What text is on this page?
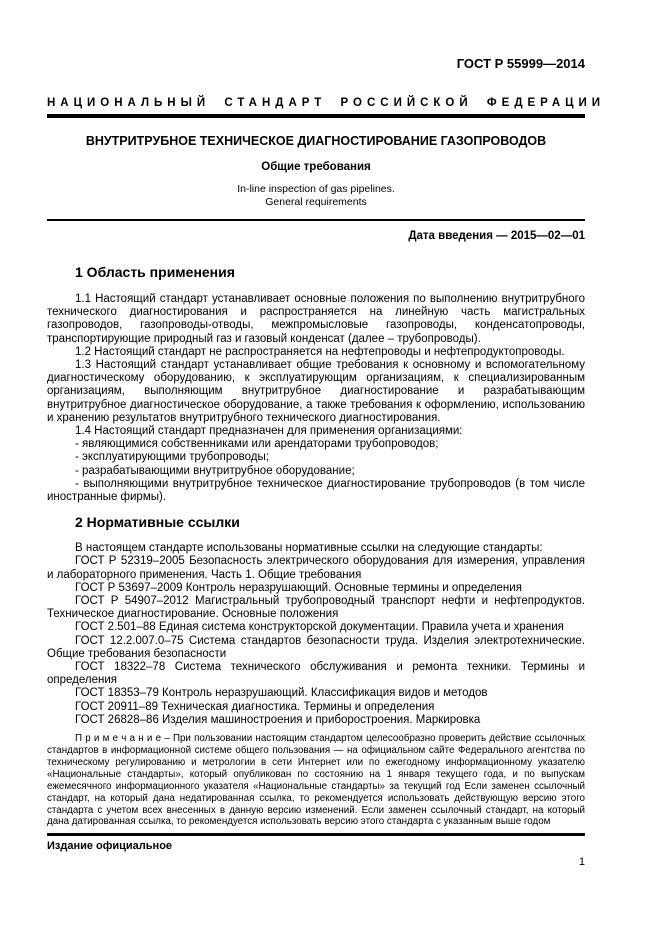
ГОСТ Р 55999—2014
НАЦИОНАЛЬНЫЙ СТАНДАРТ РОССИЙСКОЙ ФЕДЕРАЦИИ
ВНУТРИТРУБНОЕ ТЕХНИЧЕСКОЕ ДИАГНОСТИРОВАНИЕ ГАЗОПРОВОДОВ
Общие требования
In-line inspection of gas pipelines.
General requirements
Дата введения — 2015—02—01
1 Область применения

1.1 Настоящий стандарт устанавливает основные положения по выполнению внутритрубного технического диагностирования и распространяется на линейную часть магистральных газопроводов, газопроводы-отводы, межпромысловые газопроводы, конденсатопроводы, транспортирующие природный газ и газовый конденсат (далее – трубопроводы).

1.2 Настоящий стандарт не распространяется на нефтепроводы и нефтепродуктопроводы.

1.3 Настоящий стандарт устанавливает общие требования к основному и вспомогательному диагностическому оборудованию, к эксплуатирующим организациям, к специализированным организациям, выполняющим внутритрубное диагностирование и разрабатывающим внутритрубное диагностическое оборудование, а также требования к оформлению, использованию и хранению результатов внутритрубного технического диагностирования.

1.4 Настоящий стандарт предназначен для применения организациями:

- являющимися собственниками или арендаторами трубопроводов;

- эксплуатирующими трубопроводы;

- разрабатывающими внутритрубное оборудование;

- выполняющими внутритрубное техническое диагностирование трубопроводов (в том числе иностранные фирмы).

2 Нормативные ссылки

В настоящем стандарте использованы нормативные ссылки на следующие стандарты:

ГОСТ Р 52319–2005 Безопасность электрического оборудования для измерения, управления и лабораторного применения. Часть 1. Общие требования

ГОСТ Р 53697–2009 Контроль неразрушающий. Основные термины и определения

ГОСТ Р 54907–2012 Магистральный трубопроводный транспорт нефти и нефтепродуктов. Техническое диагностирование. Основные положения

ГОСТ 2.501–88 Единая система конструкторской документации. Правила учета и хранения

ГОСТ 12.2.007.0–75 Система стандартов безопасности труда. Изделия электротехнические. Общие требования безопасности

ГОСТ 18322–78 Система технического обслуживания и ремонта техники. Термины и определения

ГОСТ 18353–79 Контроль неразрушающий. Классификация видов и методов

ГОСТ 20911–89 Техническая диагностика. Термины и определения

ГОСТ 26828–86 Изделия машиностроения и приборостроения. Маркировка

П р и м е ч а н и е – При пользовании настоящим стандартом целесообразно проверить действие ссылочных стандартов в информационной системе общего пользования — на официальном сайте Федерального агентства по техническому регулированию и метрологии в сети Интернет или по ежегодному информационному указателю «Национальные стандарты», который опубликован по состоянию на 1 января текущего года, и по выпускам ежемесячного информационного указателя «Национальные стандарты» за текущий год Если заменен ссылочный стандарт, на который дана недатированная ссылка, то рекомендуется использовать действующую версию этого стандарта с учетом всех внесенных в данную версию изменений. Если заменен ссылочный стандарт, на который дана датированная ссылка, то рекомендуется использовать версию этого стандарта с указанным выше годом

Издание официальное
1
